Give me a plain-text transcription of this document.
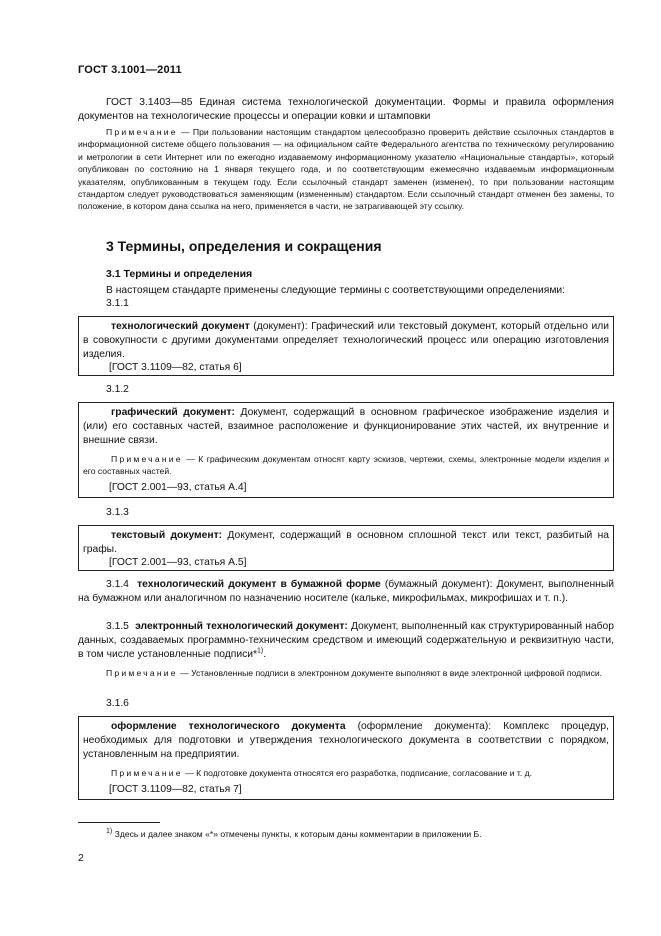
ГОСТ 3.1001—2011

ГОСТ 3.1403—85 Единая система технологической документации. Формы и правила оформления документов на технологические процессы и операции ковки и штамповки

Примечание — При пользовании настоящим стандартом целесообразно проверить действие ссылочных стандартов в информационной системе общего пользования — на официальном сайте Федерального агентства по техническому регулированию и метрологии в сети Интернет или по ежегодно издаваемому информационному указателю «Национальные стандарты», который опубликован по состоянию на 1 января текущего года, и по соответствующим ежемесячно издаваемым информационным указателям, опубликованным в текущем году. Если ссылочный стандарт заменен (изменен), то при пользовании настоящим стандартом следует руководствоваться заменяющим (измененным) стандартом. Если ссылочный стандарт отменен без замены, то положение, в котором дана ссылка на него, применяется в части, не затрагивающей эту ссылку.

3 Термины, определения и сокращения
3.1 Термины и определения

В настоящем стандарте применены следующие термины с соответствующими определениями:

3.1.1

технологический документ (документ): Графический или текстовый документ, который отдельно или в совокупности с другими документами определяет технологический процесс или операцию изготовления изделия.

[ГОСТ 3.1109—82, статья 6]
3.1.2

графический документ: Документ, содержащий в основном графическое изображение изделия и (или) его составных частей, взаимное расположение и функционирование этих частей, их внутренние и внешние связи.

Примечание — К графическим документам относят карту эскизов, чертежи, схемы, электронные модели изделия и его составных частей.

[ГОСТ 2.001—93, статья А.4]
3.1.3

текстовый документ: Документ, содержащий в основном сплошной текст или текст, разбитый на графы.

[ГОСТ 2.001—93, статья А.5]

3.1.4 технологический документ в бумажной форме (бумажный документ): Документ, выполненный на бумажном или аналогичном по назначению носителе (кальке, микрофильмах, микрофишах и т. п.).

3.1.5 электронный технологический документ: Документ, выполненный как структурированный набор данных, создаваемых программно-техническим средством и имеющий содержательную и реквизитную части, в том числе установленные подписи*$^{1)}$.

Примечание — Установленные подписи в электронном документе выполняют в виде электронной цифровой подписи.

3.1.6

оформление технологического документа (оформление документа): Комплекс процедур, необходимых для подготовки и утверждения технологического документа в соответствии с порядком, установленным на предприятии.

Примечание — К подготовке документа относятся его разработка, подписание, согласование и т. д.

[ГОСТ 3.1109—82, статья 7]
$^{1)}$ Здесь и далее знаком «*» отмечены пункты, к которым даны комментарии в приложении Б.
2
